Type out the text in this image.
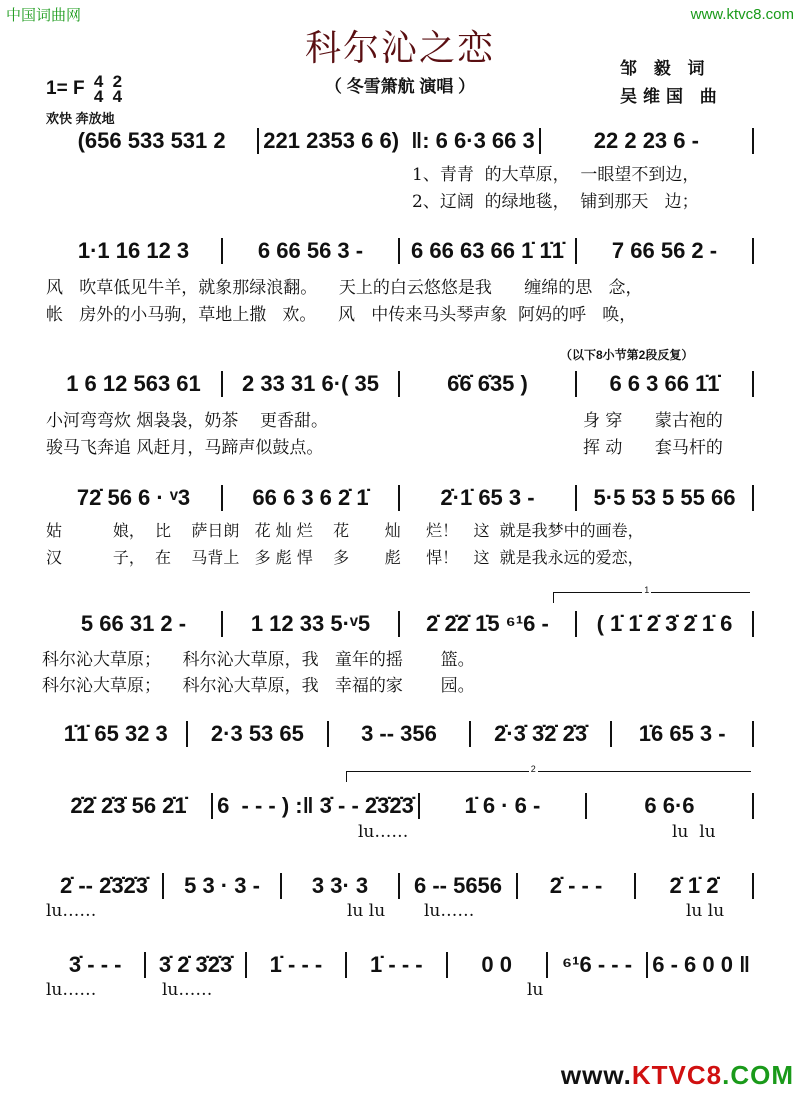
中国词曲网	www.ktvc8.com
科尔沁之恋
（ 冬雪箫航 演唱 ）
邹 毅 词
吴维国 曲
1= F 4
4

2
4
欢快 奔放地
(656 533 531 2	221 2353 6 6)  ‖: 6 6·3 66 3	22 2 23 6 -
1·1 16 12 3	6 66 56 3 -	6 66 63 66 1̇ 1̇1̇	7 66 56 2 -
1 6 12 563 61	2 33 31 6·( 35	6̇6̇ 6̇35 )	6 6 3 66 1̇1̇
72̇ 56 6 · ᵛ3	66 6 3 6 2̇ 1̇	2̇·1̇ 65 3 -	5·5 53 5 55 66
5 66 31 2 -	1 12 33 5·ᵛ5	2̇ 2̇2̇ 1̇5 ⁶¹6 -	( 1̇ 1̇ 2̇ 3̇ 2̇ 1̇ 6
1̇1̇ 65 32 3	2·3 53 65	3 -- 356	2̇·3̇ 3̇2̇ 2̇3̇	1̇6 65 3 -
2̇2̇ 2̇3̇ 56 2̇1̇	6  - - - ) :‖ 3̇ - - 2̇3̇2̇3̇	1̇ 6 · 6 -	6 6·6
2̇ -- 2̇3̇2̇3̇	5 3 · 3 -	3 3· 3	6 -- 5656	2̇ - - -	2̇ 1̇ 2̇
3̇ - - -	3̇ 2̇ 3̇2̇3̇	1̇ - - -	1̇ - - -	0 0	⁶¹6 - - - 6 - 6 0 0 ‖
（以下8小节第2段反复）
1
2
1、青青  的大草原，  一眼望不到边，
2、辽阔  的绿地毯，  铺到那天   边；
风   吹草低见牛羊，就象那绿浪翻。    天上的白云悠悠是我      缠绵的思   念，
帐   房外的小马驹，草地上撒   欢。    风   中传来马头琴声象  阿妈的呼   唤，
小河弯弯炊 烟袅袅，奶茶    更香甜。
骏马飞奔追 风赶月，马蹄声似鼓点。
身 穿      蒙古袍的
挥 动      套马杆的
姑          娘，  比    萨日朗   花 灿 烂    花       灿     烂！   这  就是我梦中的画卷，
汉          子，  在    马背上   多 彪 悍    多       彪     悍！   这  就是我永远的爱恋，
科尔沁大草原；    科尔沁大草原，我   童年的摇       篮。
科尔沁大草原；    科尔沁大草原，我   幸福的家       园。
lu……	lu  lu
lu……	lu lu lu……	lu lu
lu……	lu……	lu
www.KTVC8.COM
